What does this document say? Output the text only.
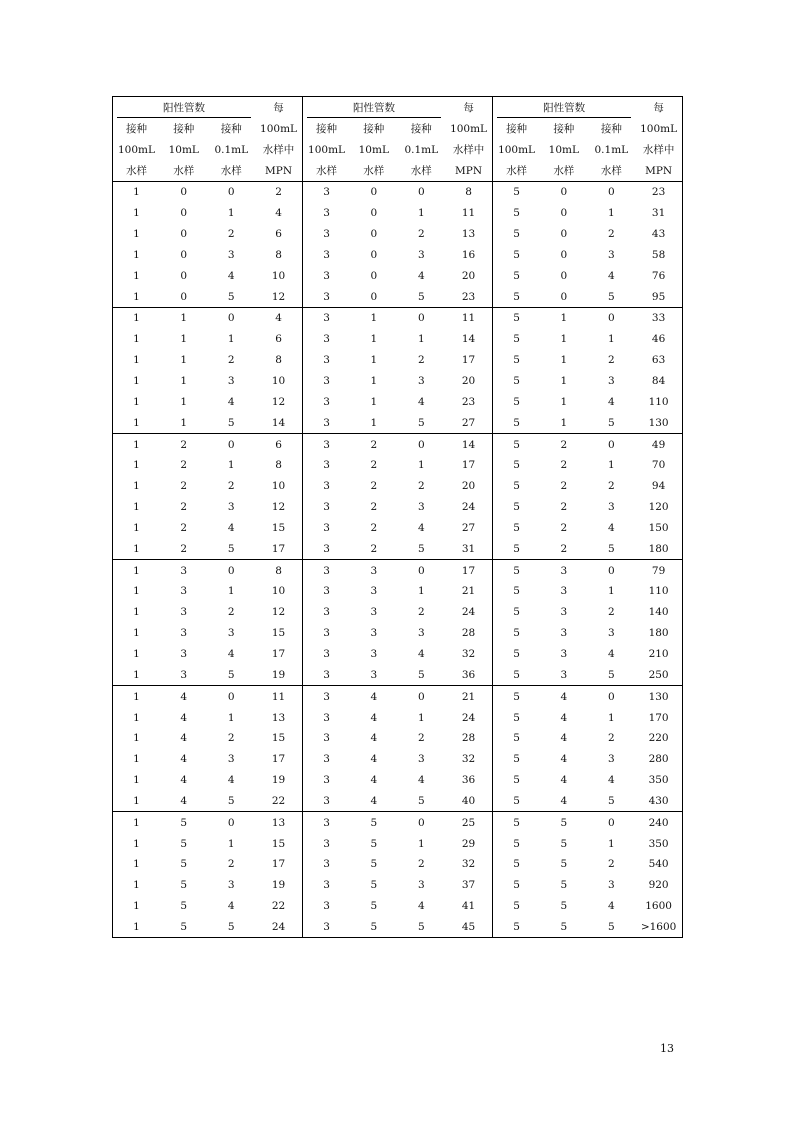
阳性管数			每	阳性管数			每	阳性管数			每
接种	接种	接种	100mL	接种	接种	接种	100mL	接种	接种	接种	100mL
100mL	10mL	0.1mL	水样中	100mL	10mL	0.1mL	水样中	100mL	10mL	0.1mL	水样中
水样	水样	水样	MPN	水样	水样	水样	MPN	水样	水样	水样	MPN
1	0	0	2	3	0	0	8	5	0	0	23
1	0	1	4	3	0	1	11	5	0	1	31
1	0	2	6	3	0	2	13	5	0	2	43
1	0	3	8	3	0	3	16	5	0	3	58
1	0	4	10	3	0	4	20	5	0	4	76
1	0	5	12	3	0	5	23	5	0	5	95
1	1	0	4	3	1	0	11	5	1	0	33
1	1	1	6	3	1	1	14	5	1	1	46
1	1	2	8	3	1	2	17	5	1	2	63
1	1	3	10	3	1	3	20	5	1	3	84
1	1	4	12	3	1	4	23	5	1	4	110
1	1	5	14	3	1	5	27	5	1	5	130
1	2	0	6	3	2	0	14	5	2	0	49
1	2	1	8	3	2	1	17	5	2	1	70
1	2	2	10	3	2	2	20	5	2	2	94
1	2	3	12	3	2	3	24	5	2	3	120
1	2	4	15	3	2	4	27	5	2	4	150
1	2	5	17	3	2	5	31	5	2	5	180
1	3	0	8	3	3	0	17	5	3	0	79
1	3	1	10	3	3	1	21	5	3	1	110
1	3	2	12	3	3	2	24	5	3	2	140
1	3	3	15	3	3	3	28	5	3	3	180
1	3	4	17	3	3	4	32	5	3	4	210
1	3	5	19	3	3	5	36	5	3	5	250
1	4	0	11	3	4	0	21	5	4	0	130
1	4	1	13	3	4	1	24	5	4	1	170
1	4	2	15	3	4	2	28	5	4	2	220
1	4	3	17	3	4	3	32	5	4	3	280
1	4	4	19	3	4	4	36	5	4	4	350
1	4	5	22	3	4	5	40	5	4	5	430
1	5	0	13	3	5	0	25	5	5	0	240
1	5	1	15	3	5	1	29	5	5	1	350
1	5	2	17	3	5	2	32	5	5	2	540
1	5	3	19	3	5	3	37	5	5	3	920
1	5	4	22	3	5	4	41	5	5	4	1600
1	5	5	24	3	5	5	45	5	5	5	>1600
13
